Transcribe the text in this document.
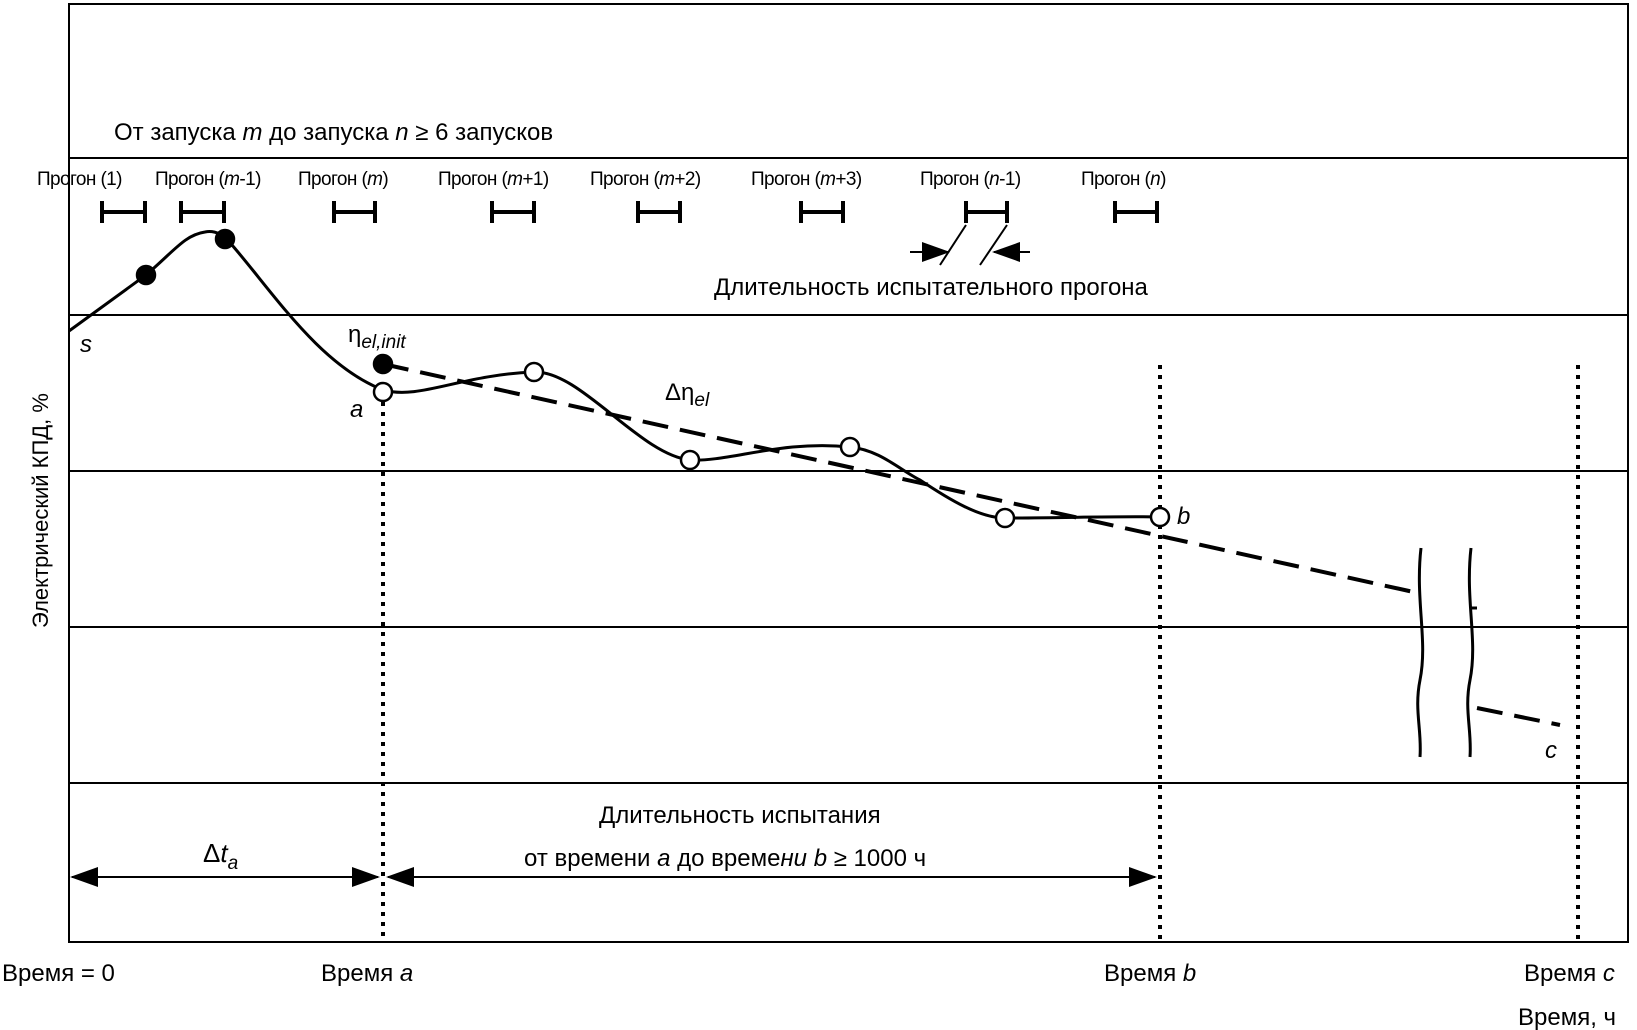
От запуска m до запуска n ≥ 6 запусков
Прогон (1) Прогон (m-1) Прогон (m)	Прогон (m+1) Прогон (m+2)	Прогон (m+3)	Прогон (n-1)	Прогон (n)
Длительность испытательного прогона
Электрический КПД, %
s
a
b
c
$\eta_{el,init}$
$\Delta\eta_{el}$
$\Delta t_a$
Длительность испытания
от времени a до времени b ≥ 1000 ч
Время = 0	Время a	Время b	Время c
Время, ч
